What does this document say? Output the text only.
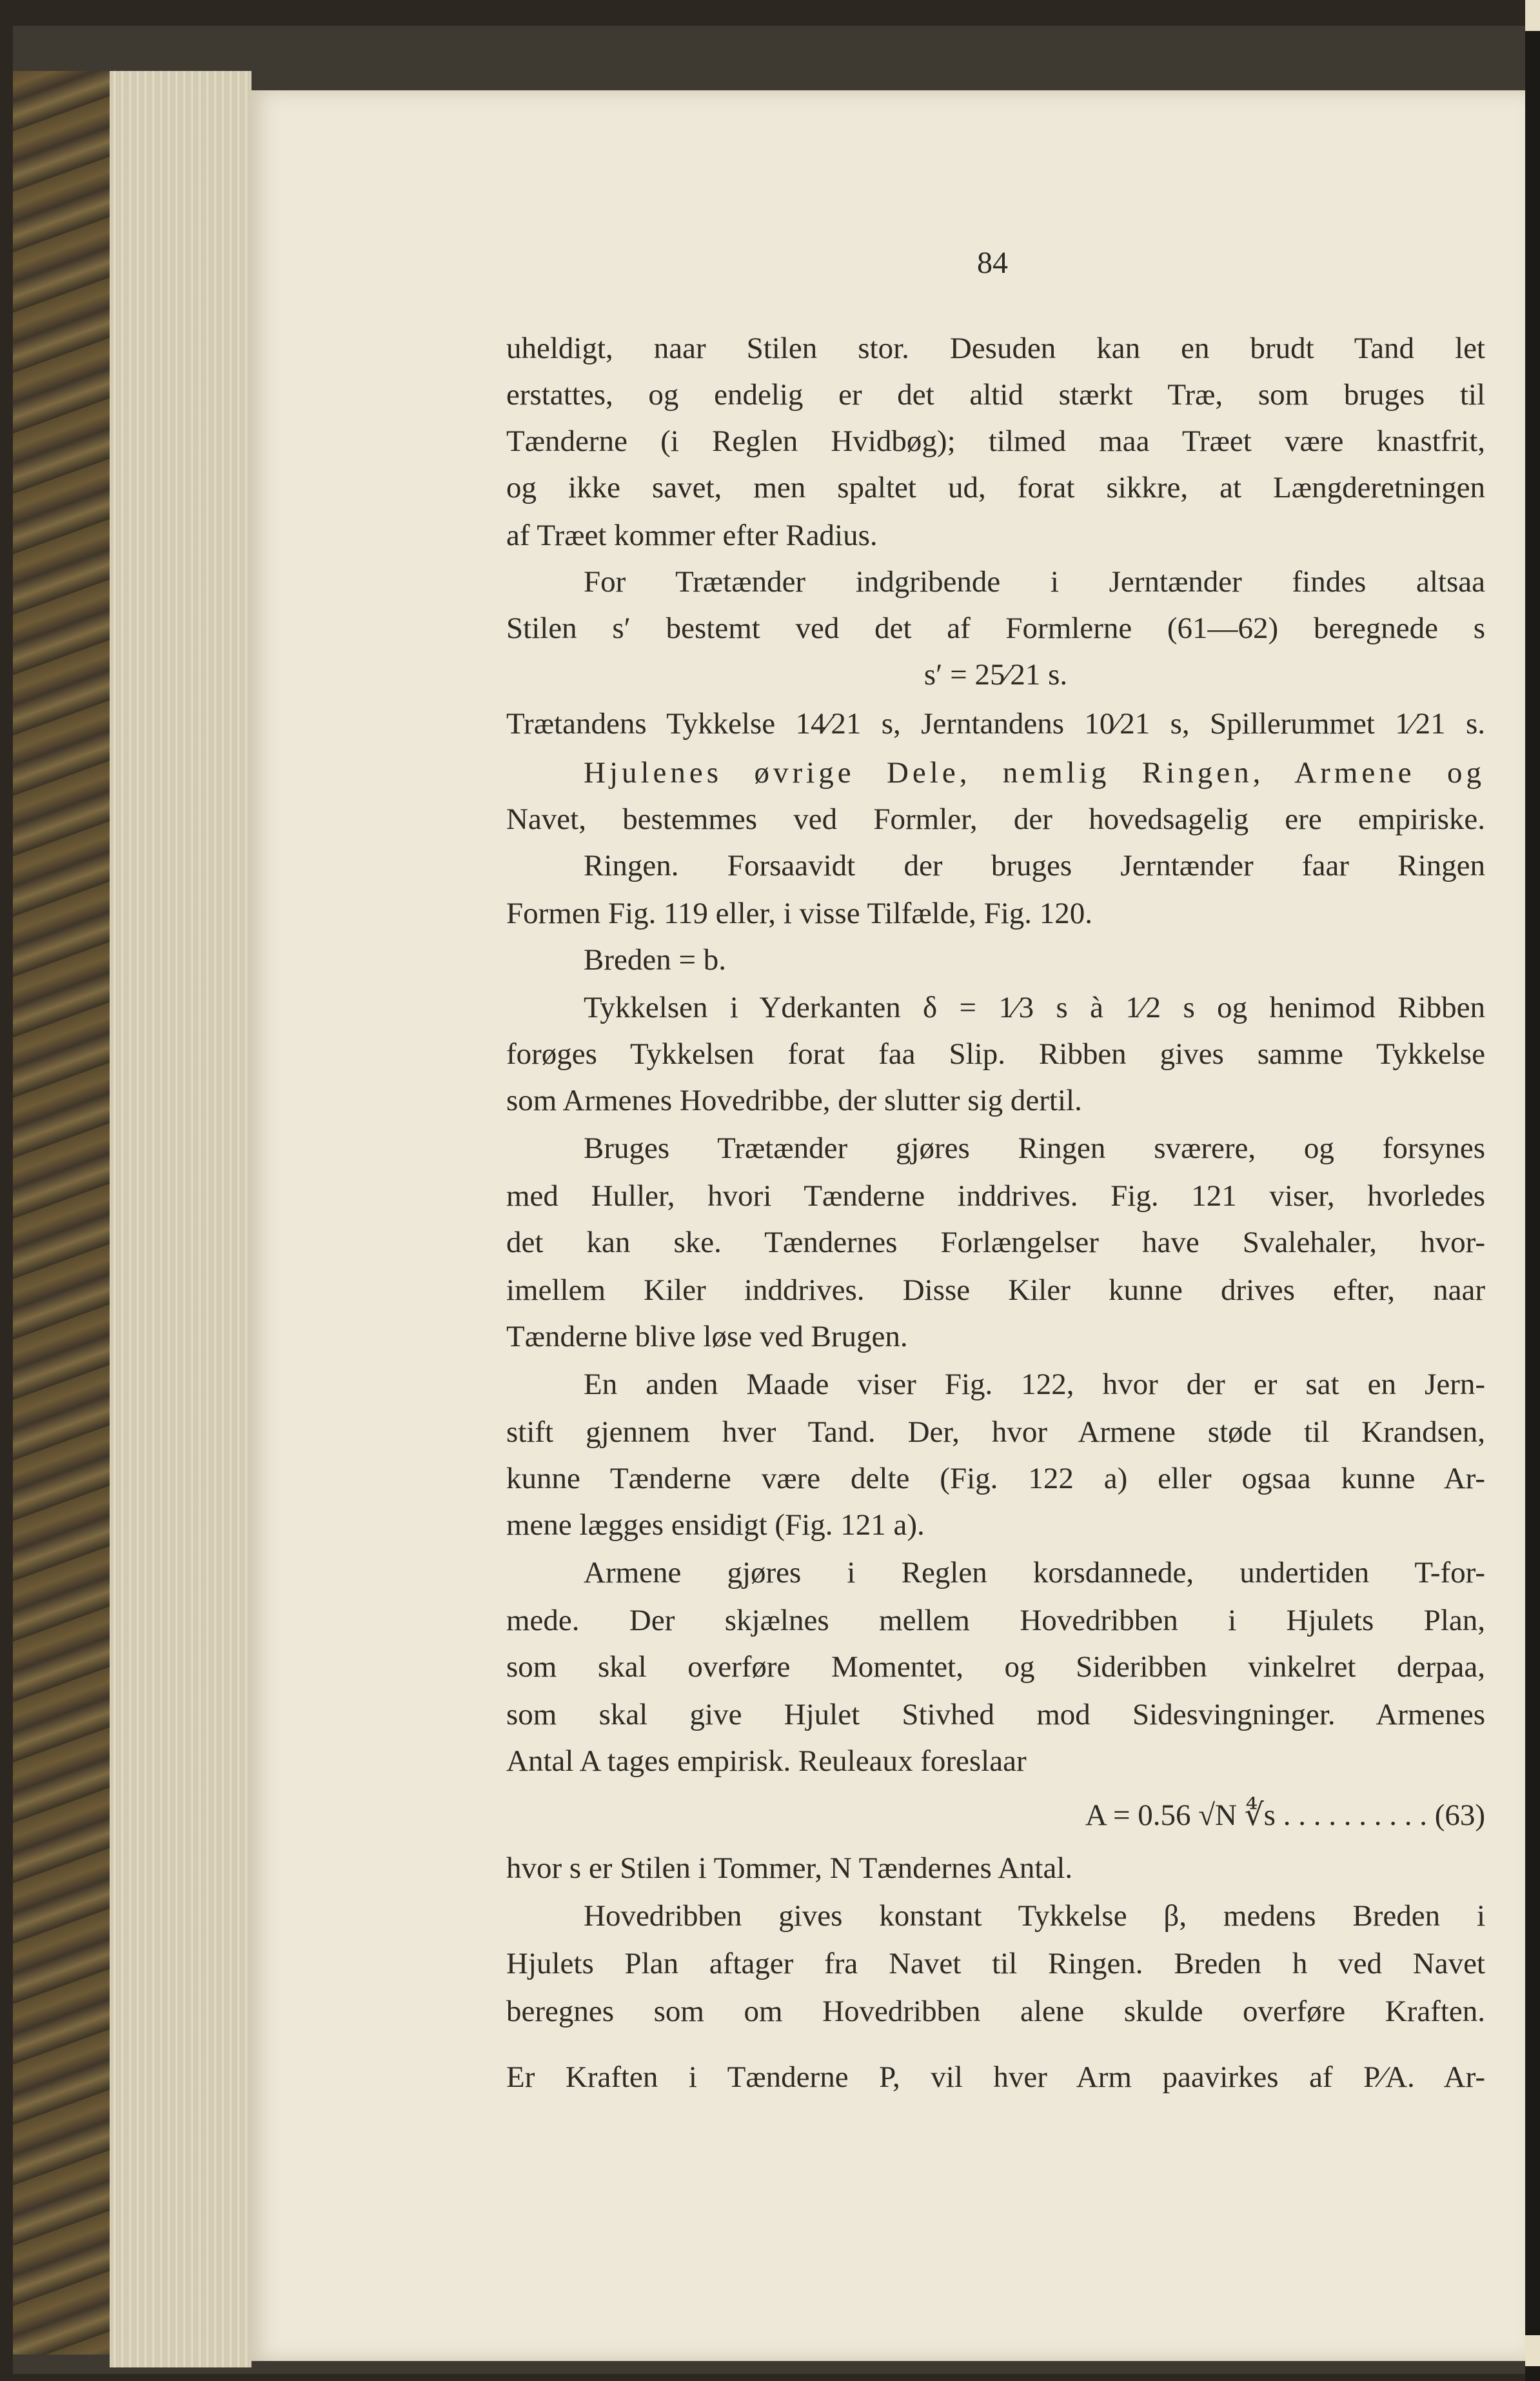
84
uheldigt, naar Stilen stor. Desuden kan en brudt Tand let
erstattes, og endelig er det altid stærkt Træ, som bruges til
Tænderne (i Reglen Hvidbøg); tilmed maa Træet være knastfrit,
og ikke savet, men spaltet ud, forat sikkre, at Længderetningen
af Træet kommer efter Radius.
For Trætænder indgribende i Jerntænder findes altsaa
Stilen s′ bestemt ved det af Formlerne (61—62) beregnede s
s′ = 25⁄21 s.
Trætandens Tykkelse 14⁄21 s, Jerntandens 10⁄21 s, Spillerummet 1⁄21 s.
Hjulenes øvrige Dele, nemlig Ringen, Armene og
Navet, bestemmes ved Formler, der hovedsagelig ere empiriske.
Ringen. Forsaavidt der bruges Jerntænder faar Ringen
Formen Fig. 119 eller, i visse Tilfælde, Fig. 120.
Breden = b.
Tykkelsen i Yderkanten δ = 1⁄3 s à 1⁄2 s og henimod Ribben
forøges Tykkelsen forat faa Slip. Ribben gives samme Tykkelse
som Armenes Hovedribbe, der slutter sig dertil.
Bruges Trætænder gjøres Ringen sværere, og forsynes
med Huller, hvori Tænderne inddrives. Fig. 121 viser, hvorledes
det kan ske. Tændernes Forlængelser have Svalehaler, hvor-
imellem Kiler inddrives. Disse Kiler kunne drives efter, naar
Tænderne blive løse ved Brugen.
En anden Maade viser Fig. 122, hvor der er sat en Jern-
stift gjennem hver Tand. Der, hvor Armene støde til Krandsen,
kunne Tænderne være delte (Fig. 122 a) eller ogsaa kunne Ar-
mene lægges ensidigt (Fig. 121 a).
Armene gjøres i Reglen korsdannede, undertiden T-for-
mede. Der skjælnes mellem Hovedribben i Hjulets Plan,
som skal overføre Momentet, og Sideribben vinkelret derpaa,
som skal give Hjulet Stivhed mod Sidesvingninger. Armenes
Antal A tages empirisk. Reuleaux foreslaar
A = 0.56 √N ∜s . . . . . . . . . . (63)
hvor s er Stilen i Tommer, N Tændernes Antal.
Hovedribben gives konstant Tykkelse β, medens Breden i
Hjulets Plan aftager fra Navet til Ringen. Breden h ved Navet
beregnes som om Hovedribben alene skulde overføre Kraften.
Er Kraften i Tænderne P, vil hver Arm paavirkes af P⁄A. Ar-
